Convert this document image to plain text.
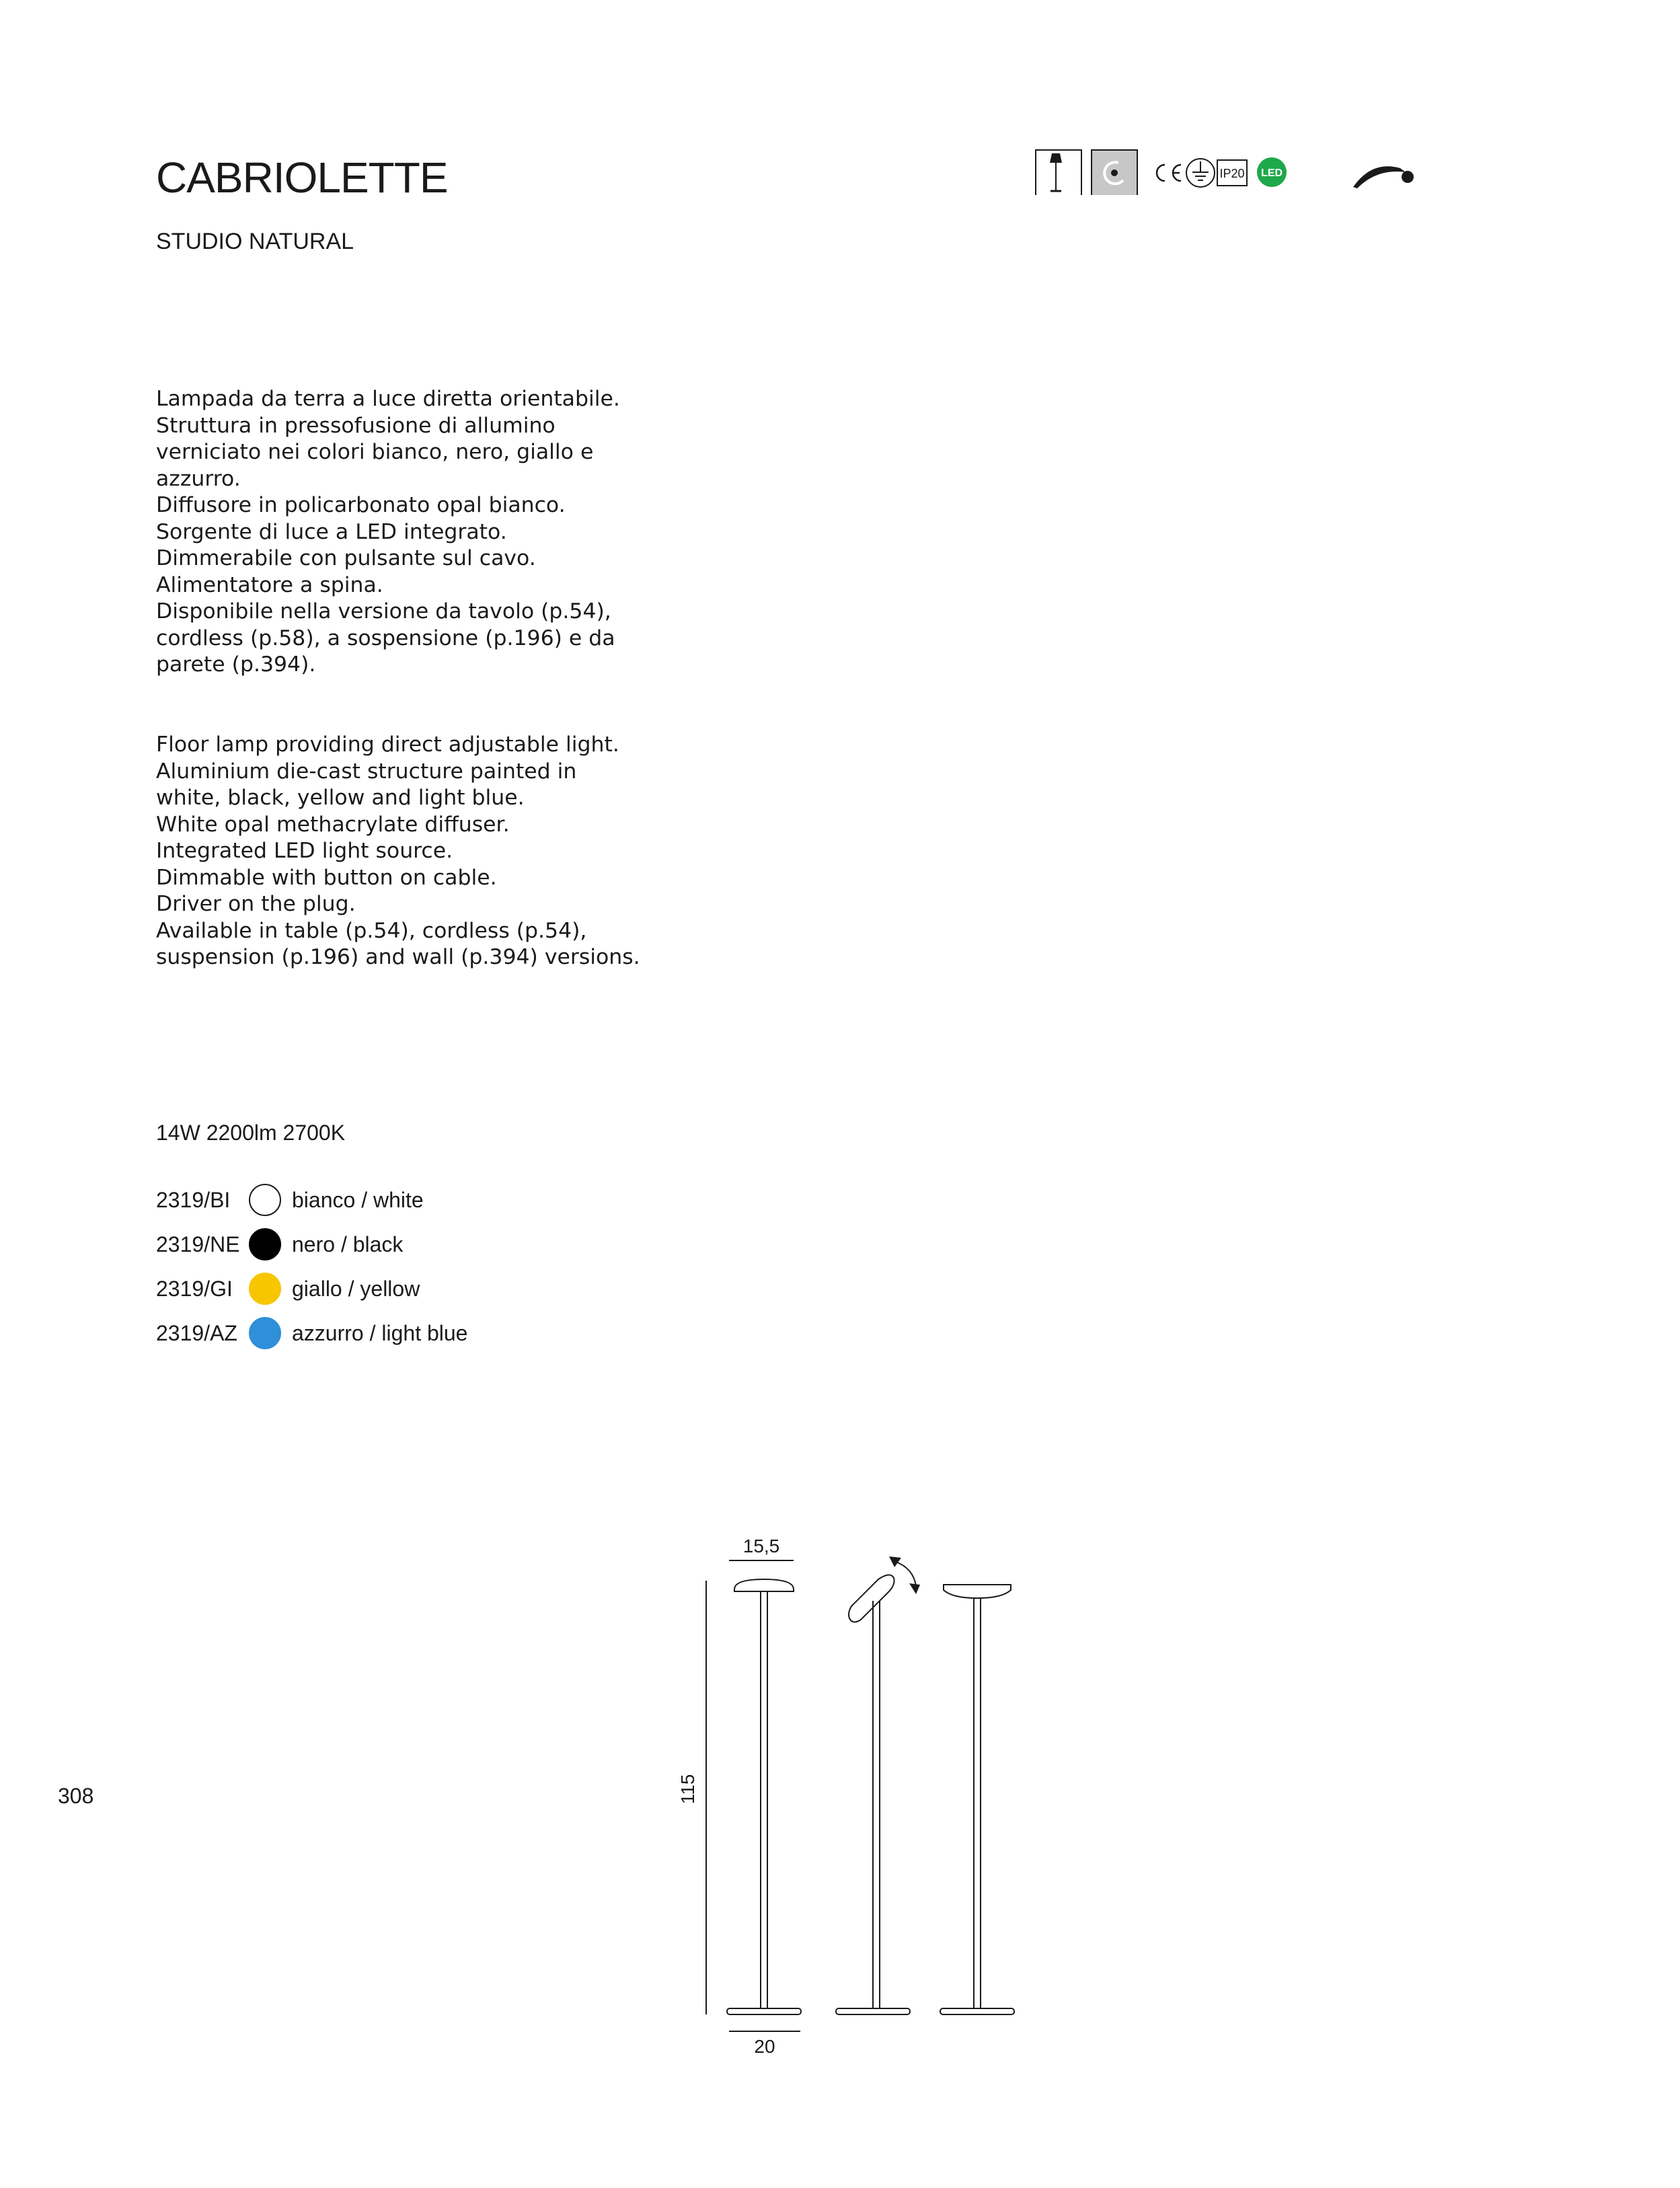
CABRIOLETTE
STUDIO NATURAL
IP20 LED
Lampada da terra a luce diretta orientabile.
Struttura in pressofusione di allumino
verniciato nei colori bianco, nero, giallo e
azzurro.
Diffusore in policarbonato opal bianco.
Sorgente di luce a LED integrato.
Dimmerabile con pulsante sul cavo.
Alimentatore a spina.
Disponibile nella versione da tavolo (p.54),
cordless (p.58), a sospensione (p.196) e da
parete (p.394).
Floor lamp providing direct adjustable light.
Aluminium die-cast structure painted in
white, black, yellow and light blue.
White opal methacrylate diffuser.
Integrated LED light source.
Dimmable with button on cable.
Driver on the plug.
Available in table (p.54), cordless (p.54),
suspension (p.196) and wall (p.394) versions.
14W 2200lm 2700K
2319/BI	bianco / white
2319/NE nero / black
2319/GI	giallo / yellow
2319/AZ	azzurro / light blue
15,5
115
20
308
